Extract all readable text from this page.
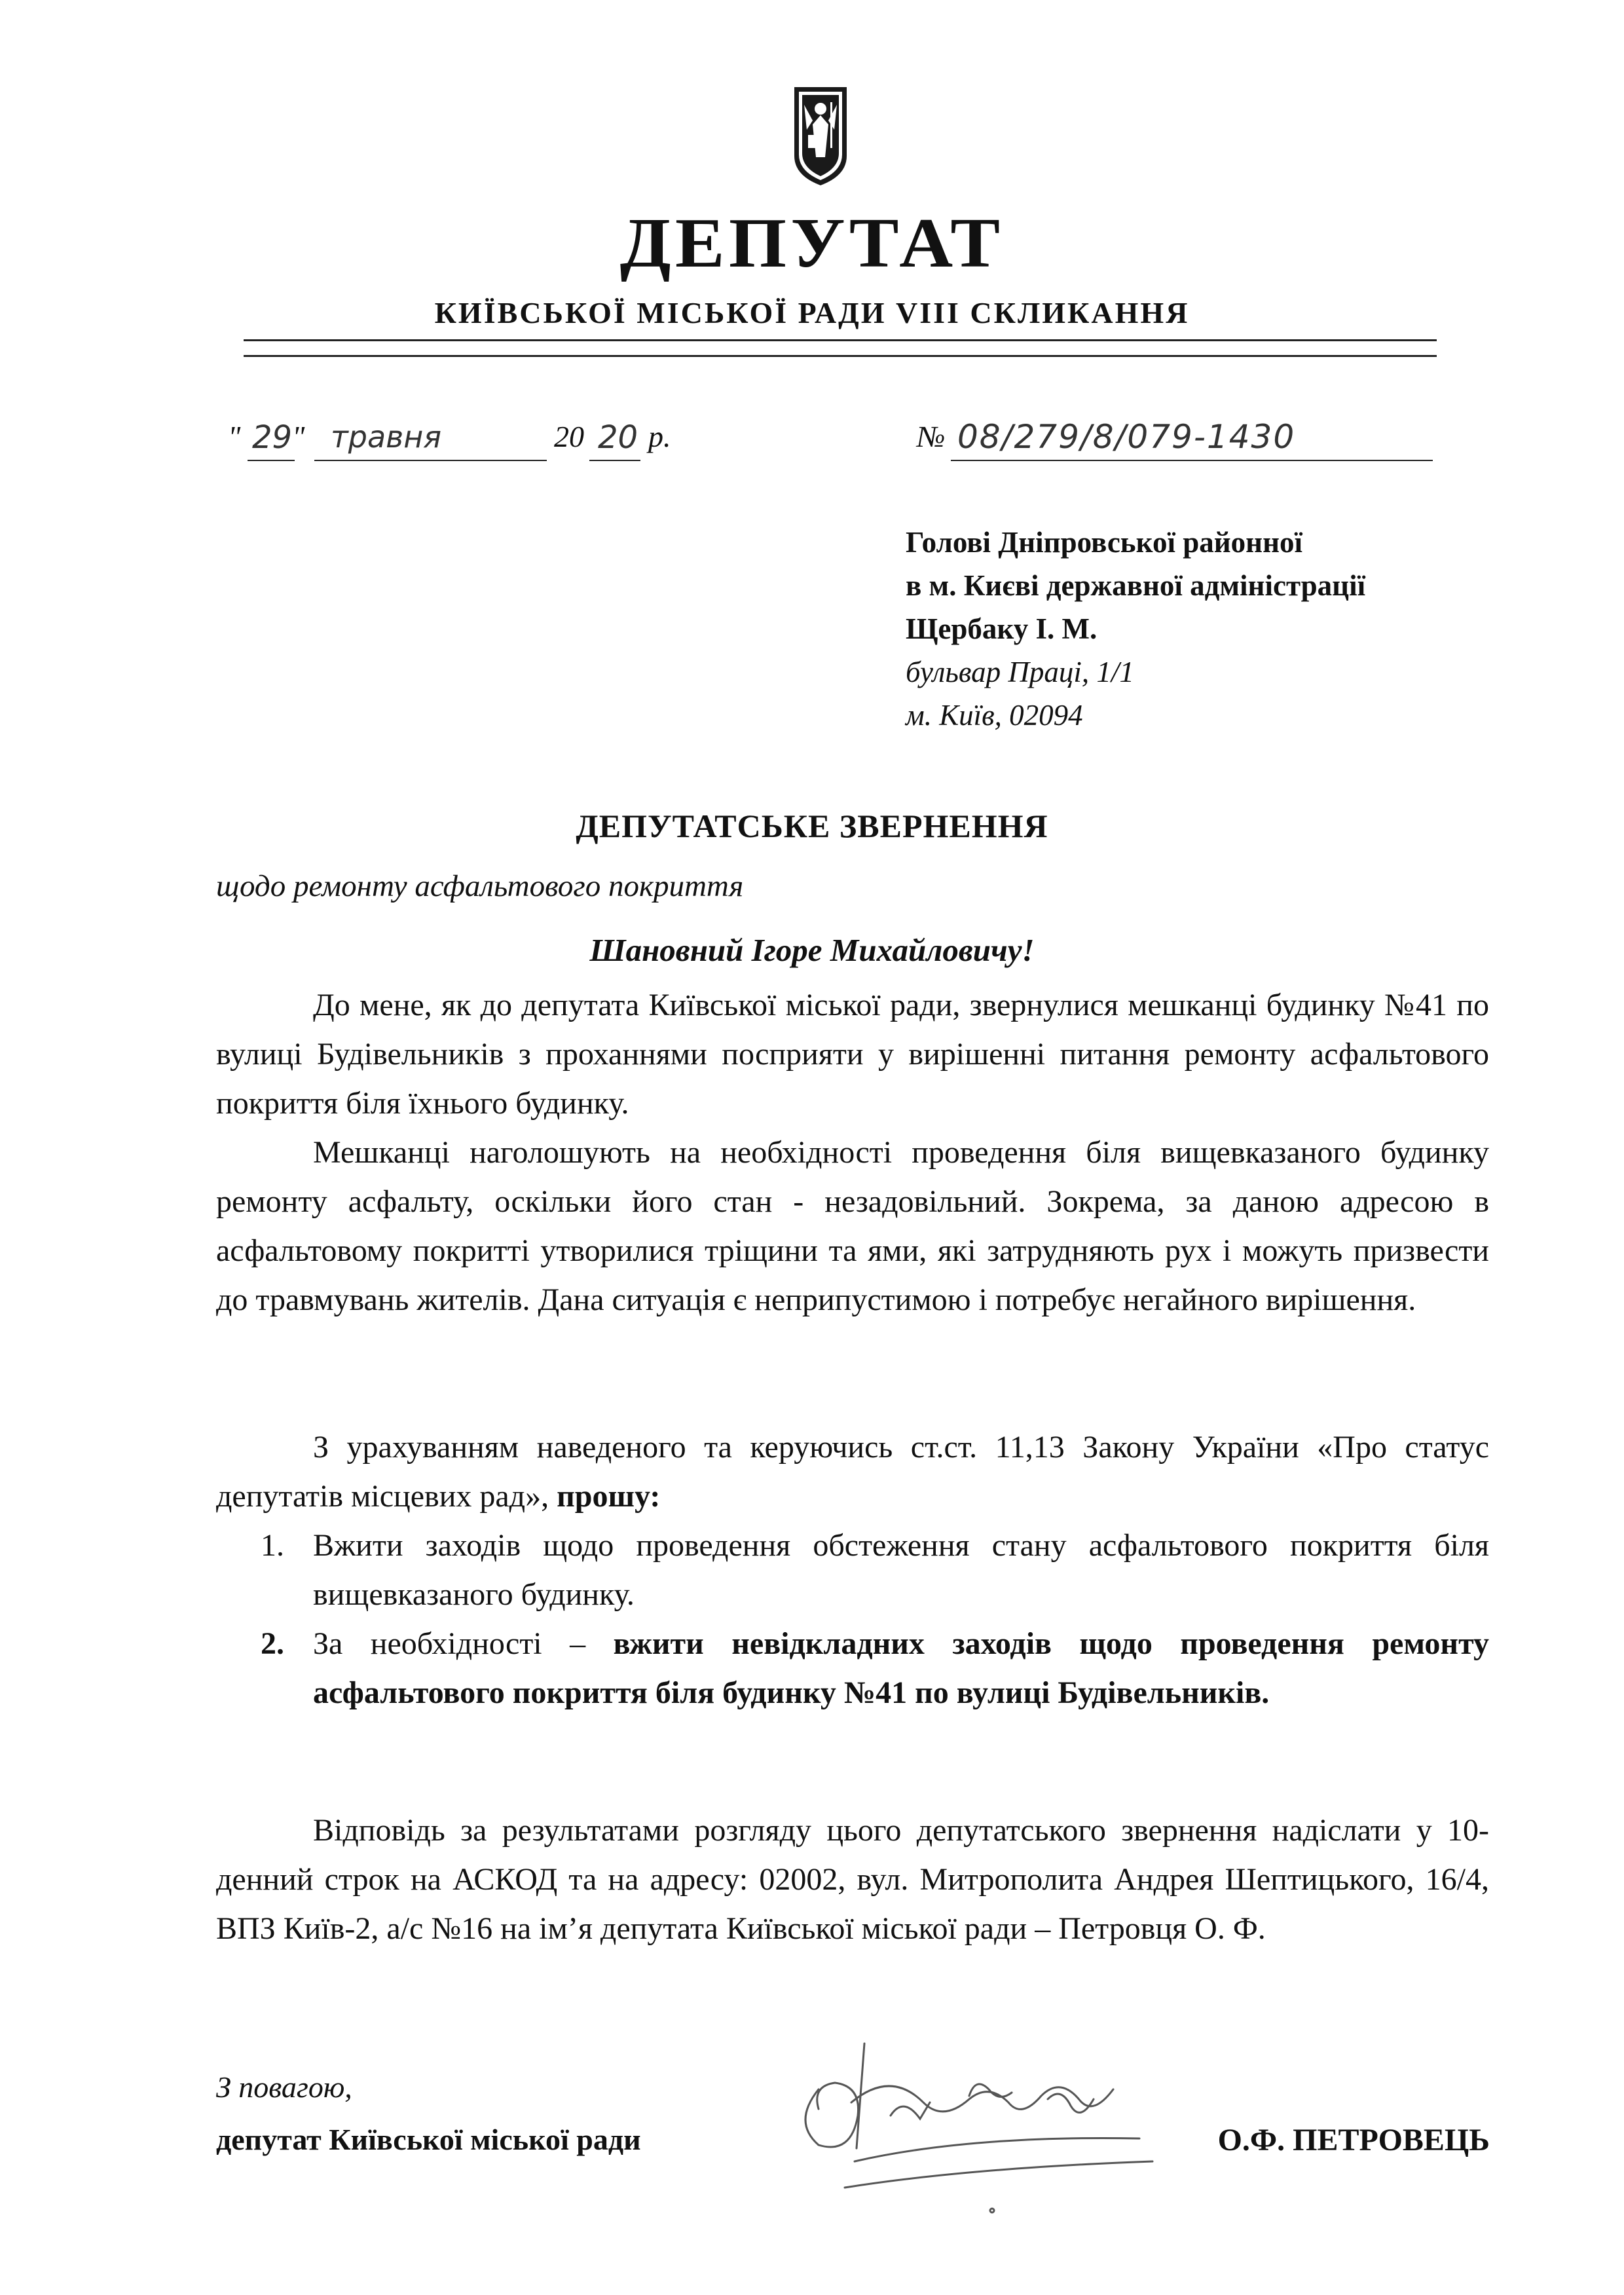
ДЕПУТАТ
КИЇВСЬКОЇ МІСЬКОЇ РАДИ VIII СКЛИКАННЯ
" 29 " травня	20 20 р.	№ 08/279/8/079-1430
Голові Дніпровської районної
в м. Києві державної адміністрації
Щербаку І. М.
бульвар Праці, 1/1
м. Київ, 02094
ДЕПУТАТСЬКЕ ЗВЕРНЕННЯ
щодо ремонту асфальтового покриття
Шановний Ігоре Михайловичу!
До мене, як до депутата Київської міської ради, звернулися мешканці будинку №41 по вулиці Будівельників з проханнями посприяти у вирішенні питання ремонту асфальтового покриття біля їхнього будинку.
Мешканці наголошують на необхідності проведення біля вищевказаного будинку ремонту асфальту, оскільки його стан - незадовільний. Зокрема, за даною адресою в асфальтовому покритті утворилися тріщини та ями, які затрудняють рух і можуть призвести до травмувань жителів. Дана ситуація є неприпустимою і потребує негайного вирішення.
З урахуванням наведеного та керуючись ст.ст. 11,13 Закону України «Про статус депутатів місцевих рад», прошу:
1. Вжити заходів щодо проведення обстеження стану асфальтового покриття біля вищевказаного будинку.
2. За необхідності – вжити невідкладних заходів щодо проведення ремонту асфальтового покриття біля будинку №41 по вулиці Будівельників.
Відповідь за результатами розгляду цього депутатського звернення надіслати у 10-денний строк на АСКОД та на адресу: 02002, вул. Митрополита Андрея Шептицького, 16/4, ВПЗ Київ-2, а/с №16 на ім’я депутата Київської міської ради – Петровця О. Ф.
З повагою,
депутат Київської міської ради	О.Ф. ПЕТРОВЕЦЬ
